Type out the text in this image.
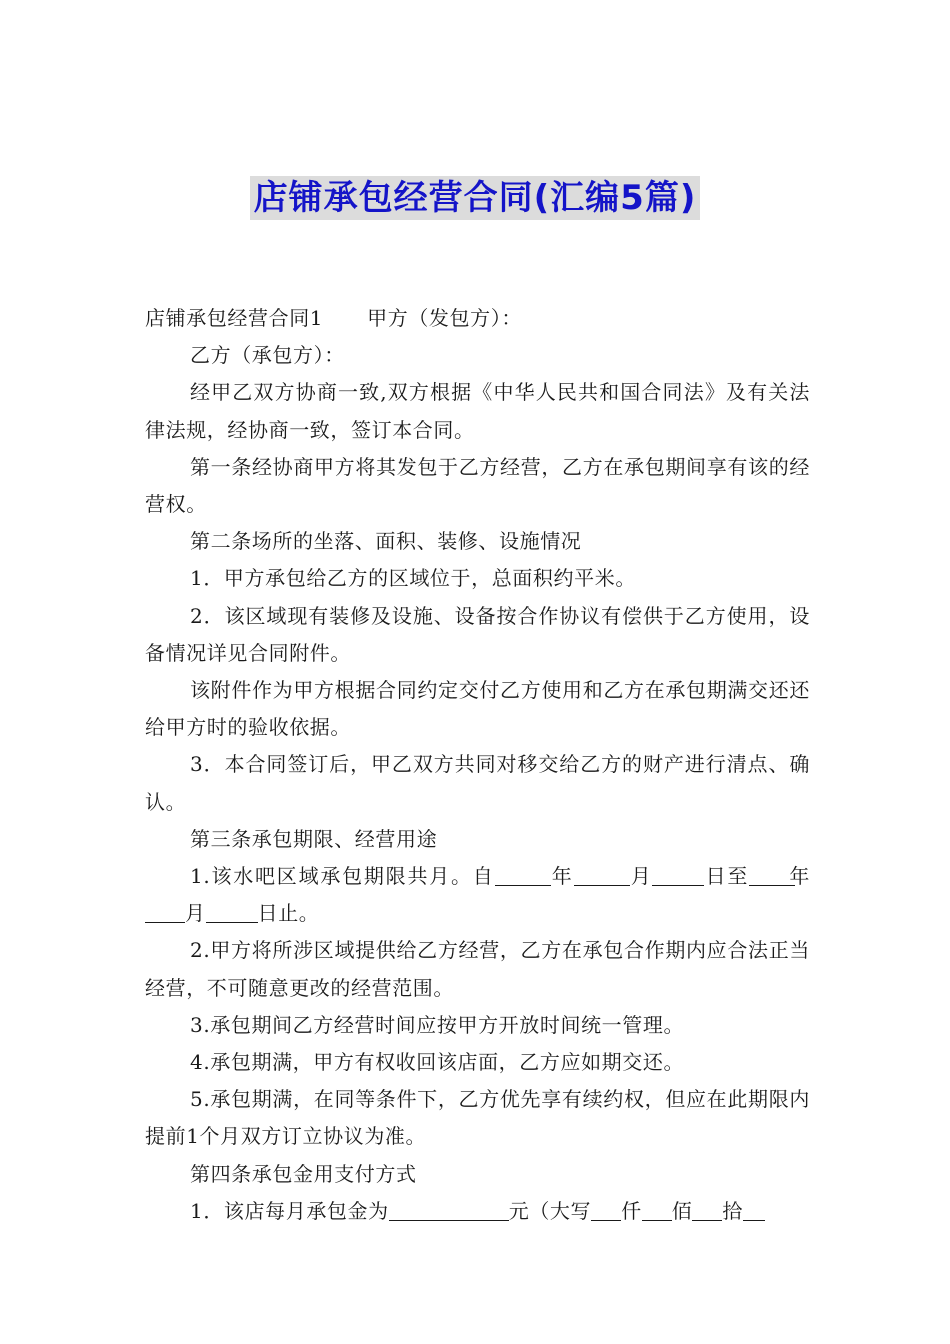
店铺承包经营合同(汇编5篇)

店铺承包经营合同1 甲方（发包方）：

乙方（承包方）：

经甲乙双方协商一致,双方根据《中华人民共和国合同法》及有关法律法规，经协商一致，签订本合同。

第一条经协商甲方将其发包于乙方经营，乙方在承包期间享有该的经营权。

第二条场所的坐落、面积、装修、设施情况

1．甲方承包给乙方的区域位于，总面积约平米。

2．该区域现有装修及设施、设备按合作协议有偿供于乙方使用，设备情况详见合同附件。

该附件作为甲方根据合同约定交付乙方使用和乙方在承包期满交还还给甲方时的验收依据。

3．本合同签订后，甲乙双方共同对移交给乙方的财产进行清点、确认。

第三条承包期限、经营用途

1.该水吧区域承包期限共月。自	年	月	日至 年月	日止。

2.甲方将所涉区域提供给乙方经营，乙方在承包合作期内应合法正当经营，不可随意更改的经营范围。

3.承包期间乙方经营时间应按甲方开放时间统一管理。

4.承包期满，甲方有权收回该店面，乙方应如期交还。

5.承包期满，在同等条件下，乙方优先享有续约权，但应在此期限内提前1个月双方订立协议为准。

第四条承包金用支付方式

1．该店每月承包金为	元（大写 仟 佰 拾
